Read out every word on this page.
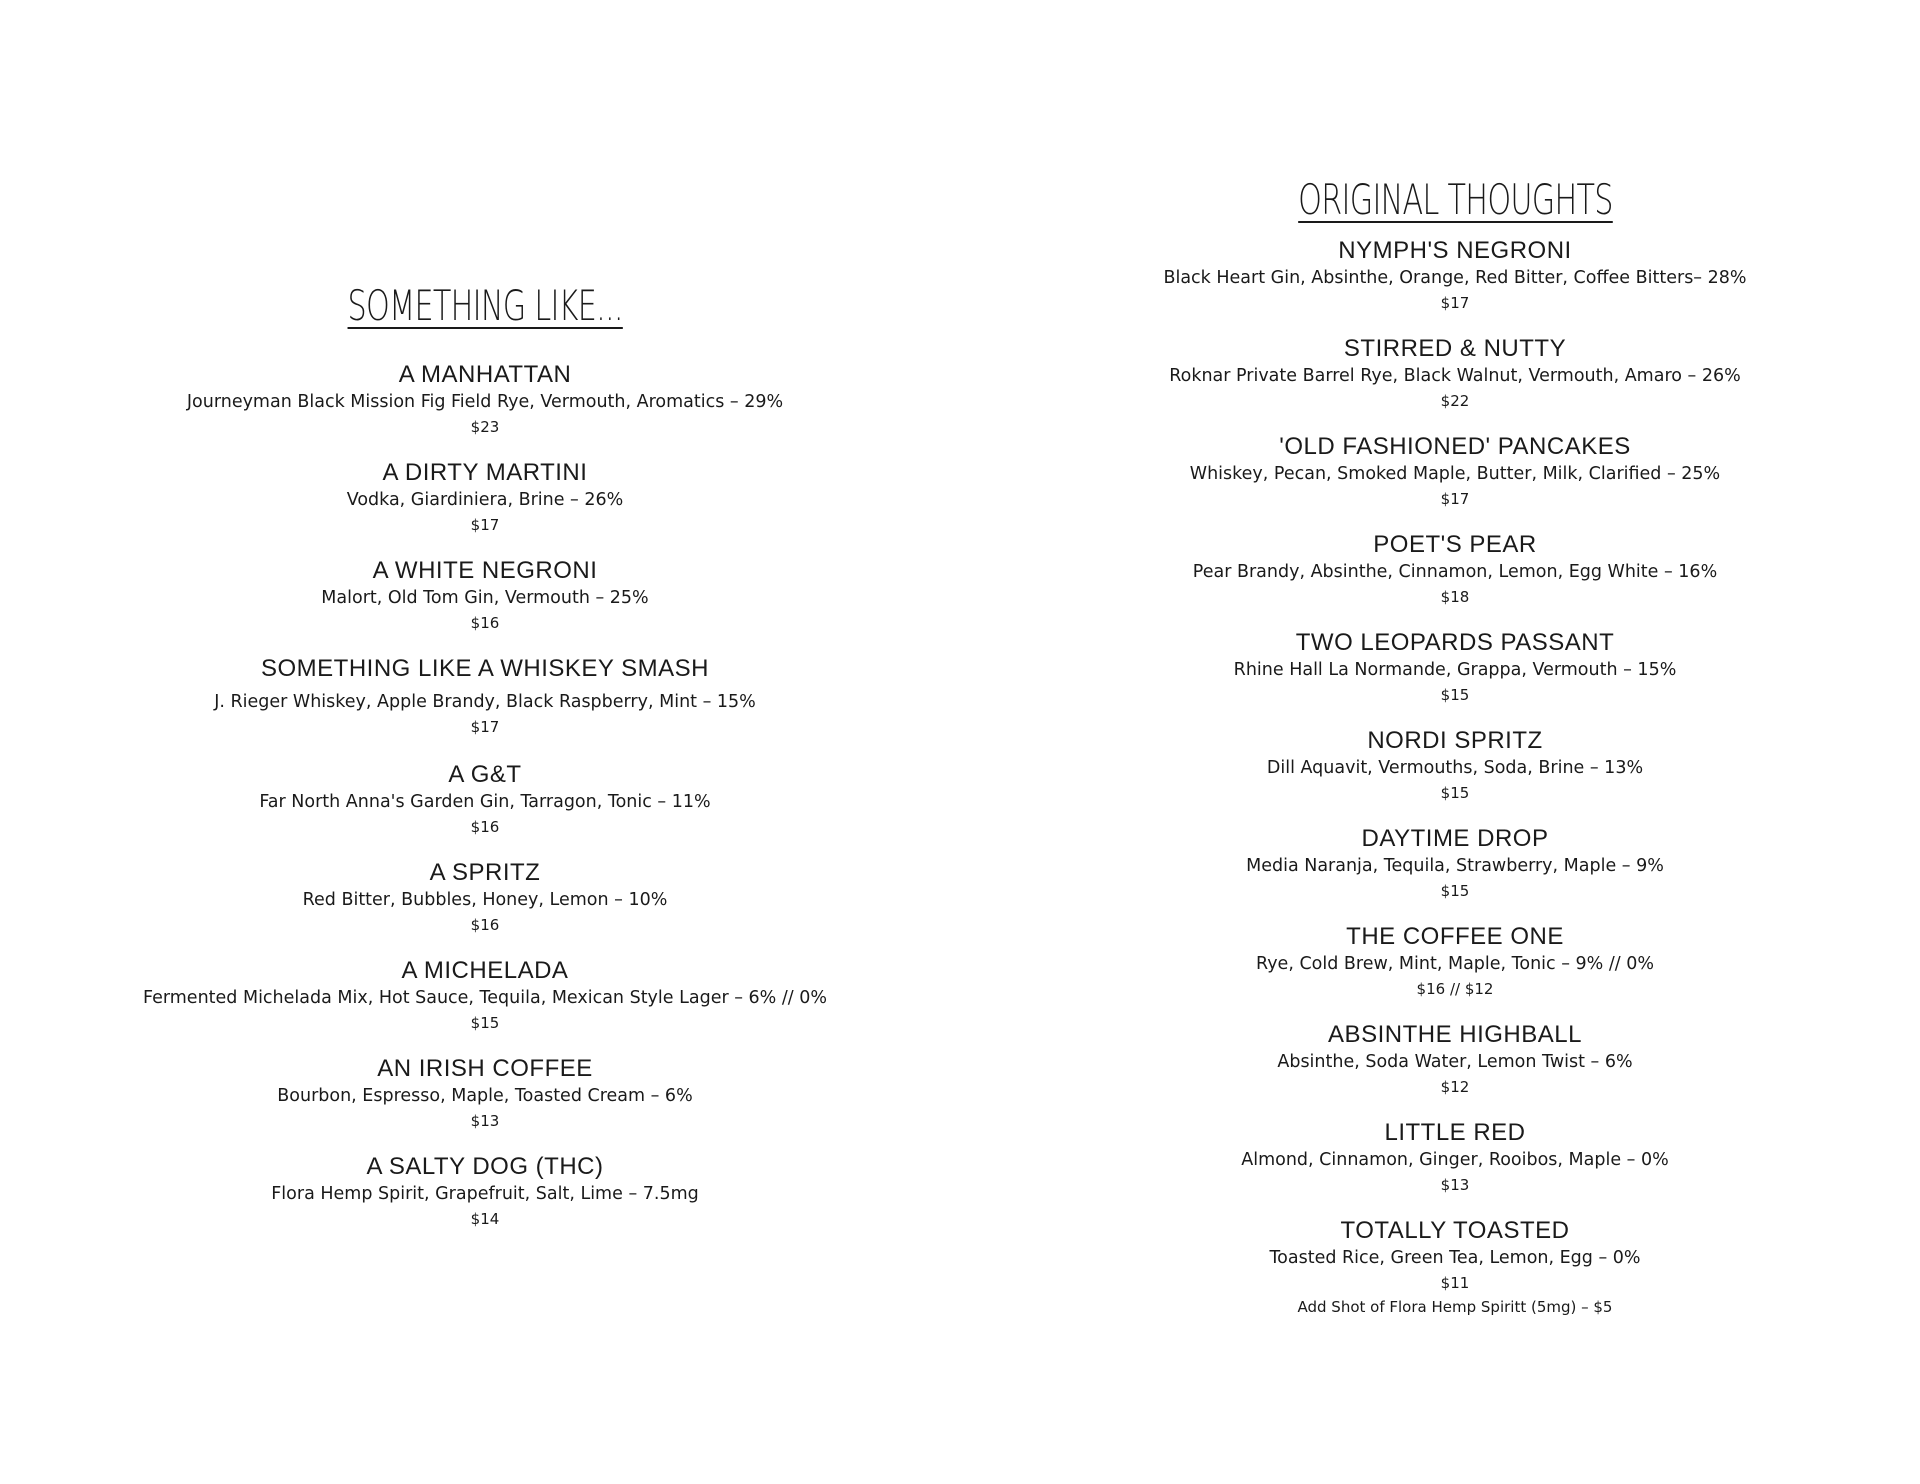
SOMETHING LIKE...
A MANHATTAN
Journeyman Black Mission Fig Field Rye, Vermouth, Aromatics – 29%
$23
A DIRTY MARTINI
Vodka, Giardiniera, Brine – 26%
$17
A WHITE NEGRONI
Malort, Old Tom Gin, Vermouth – 25%
$16
SOMETHING LIKE A WHISKEY SMASH
J. Rieger Whiskey, Apple Brandy, Black Raspberry, Mint – 15%
$17
A G&T
Far North Anna's Garden Gin, Tarragon, Tonic – 11%
$16
A SPRITZ
Red Bitter, Bubbles, Honey, Lemon – 10%
$16
A MICHELADA
Fermented Michelada Mix, Hot Sauce, Tequila, Mexican Style Lager – 6% // 0%
$15
AN IRISH COFFEE
Bourbon, Espresso, Maple, Toasted Cream – 6%
$13
A SALTY DOG (THC)
Flora Hemp Spirit, Grapefruit, Salt, Lime – 7.5mg
$14
ORIGINAL THOUGHTS
NYMPH'S NEGRONI
Black Heart Gin, Absinthe, Orange, Red Bitter, Coffee Bitters– 28%
$17
STIRRED & NUTTY
Roknar Private Barrel Rye, Black Walnut, Vermouth, Amaro – 26%
$22
'OLD FASHIONED' PANCAKES
Whiskey, Pecan, Smoked Maple, Butter, Milk, Clarified – 25%
$17
POET'S PEAR
Pear Brandy, Absinthe, Cinnamon, Lemon, Egg White – 16%
$18
TWO LEOPARDS PASSANT
Rhine Hall La Normande, Grappa, Vermouth – 15%
$15
NORDI SPRITZ
Dill Aquavit, Vermouths, Soda, Brine – 13%
$15
DAYTIME DROP
Media Naranja, Tequila, Strawberry, Maple – 9%
$15
THE COFFEE ONE
Rye, Cold Brew, Mint, Maple, Tonic – 9% // 0%
$16 // $12
ABSINTHE HIGHBALL
Absinthe, Soda Water, Lemon Twist – 6%
$12
LITTLE RED
Almond, Cinnamon, Ginger, Rooibos, Maple – 0%
$13
TOTALLY TOASTED
Toasted Rice, Green Tea, Lemon, Egg – 0%
$11
Add Shot of Flora Hemp Spiritt (5mg) – $5
